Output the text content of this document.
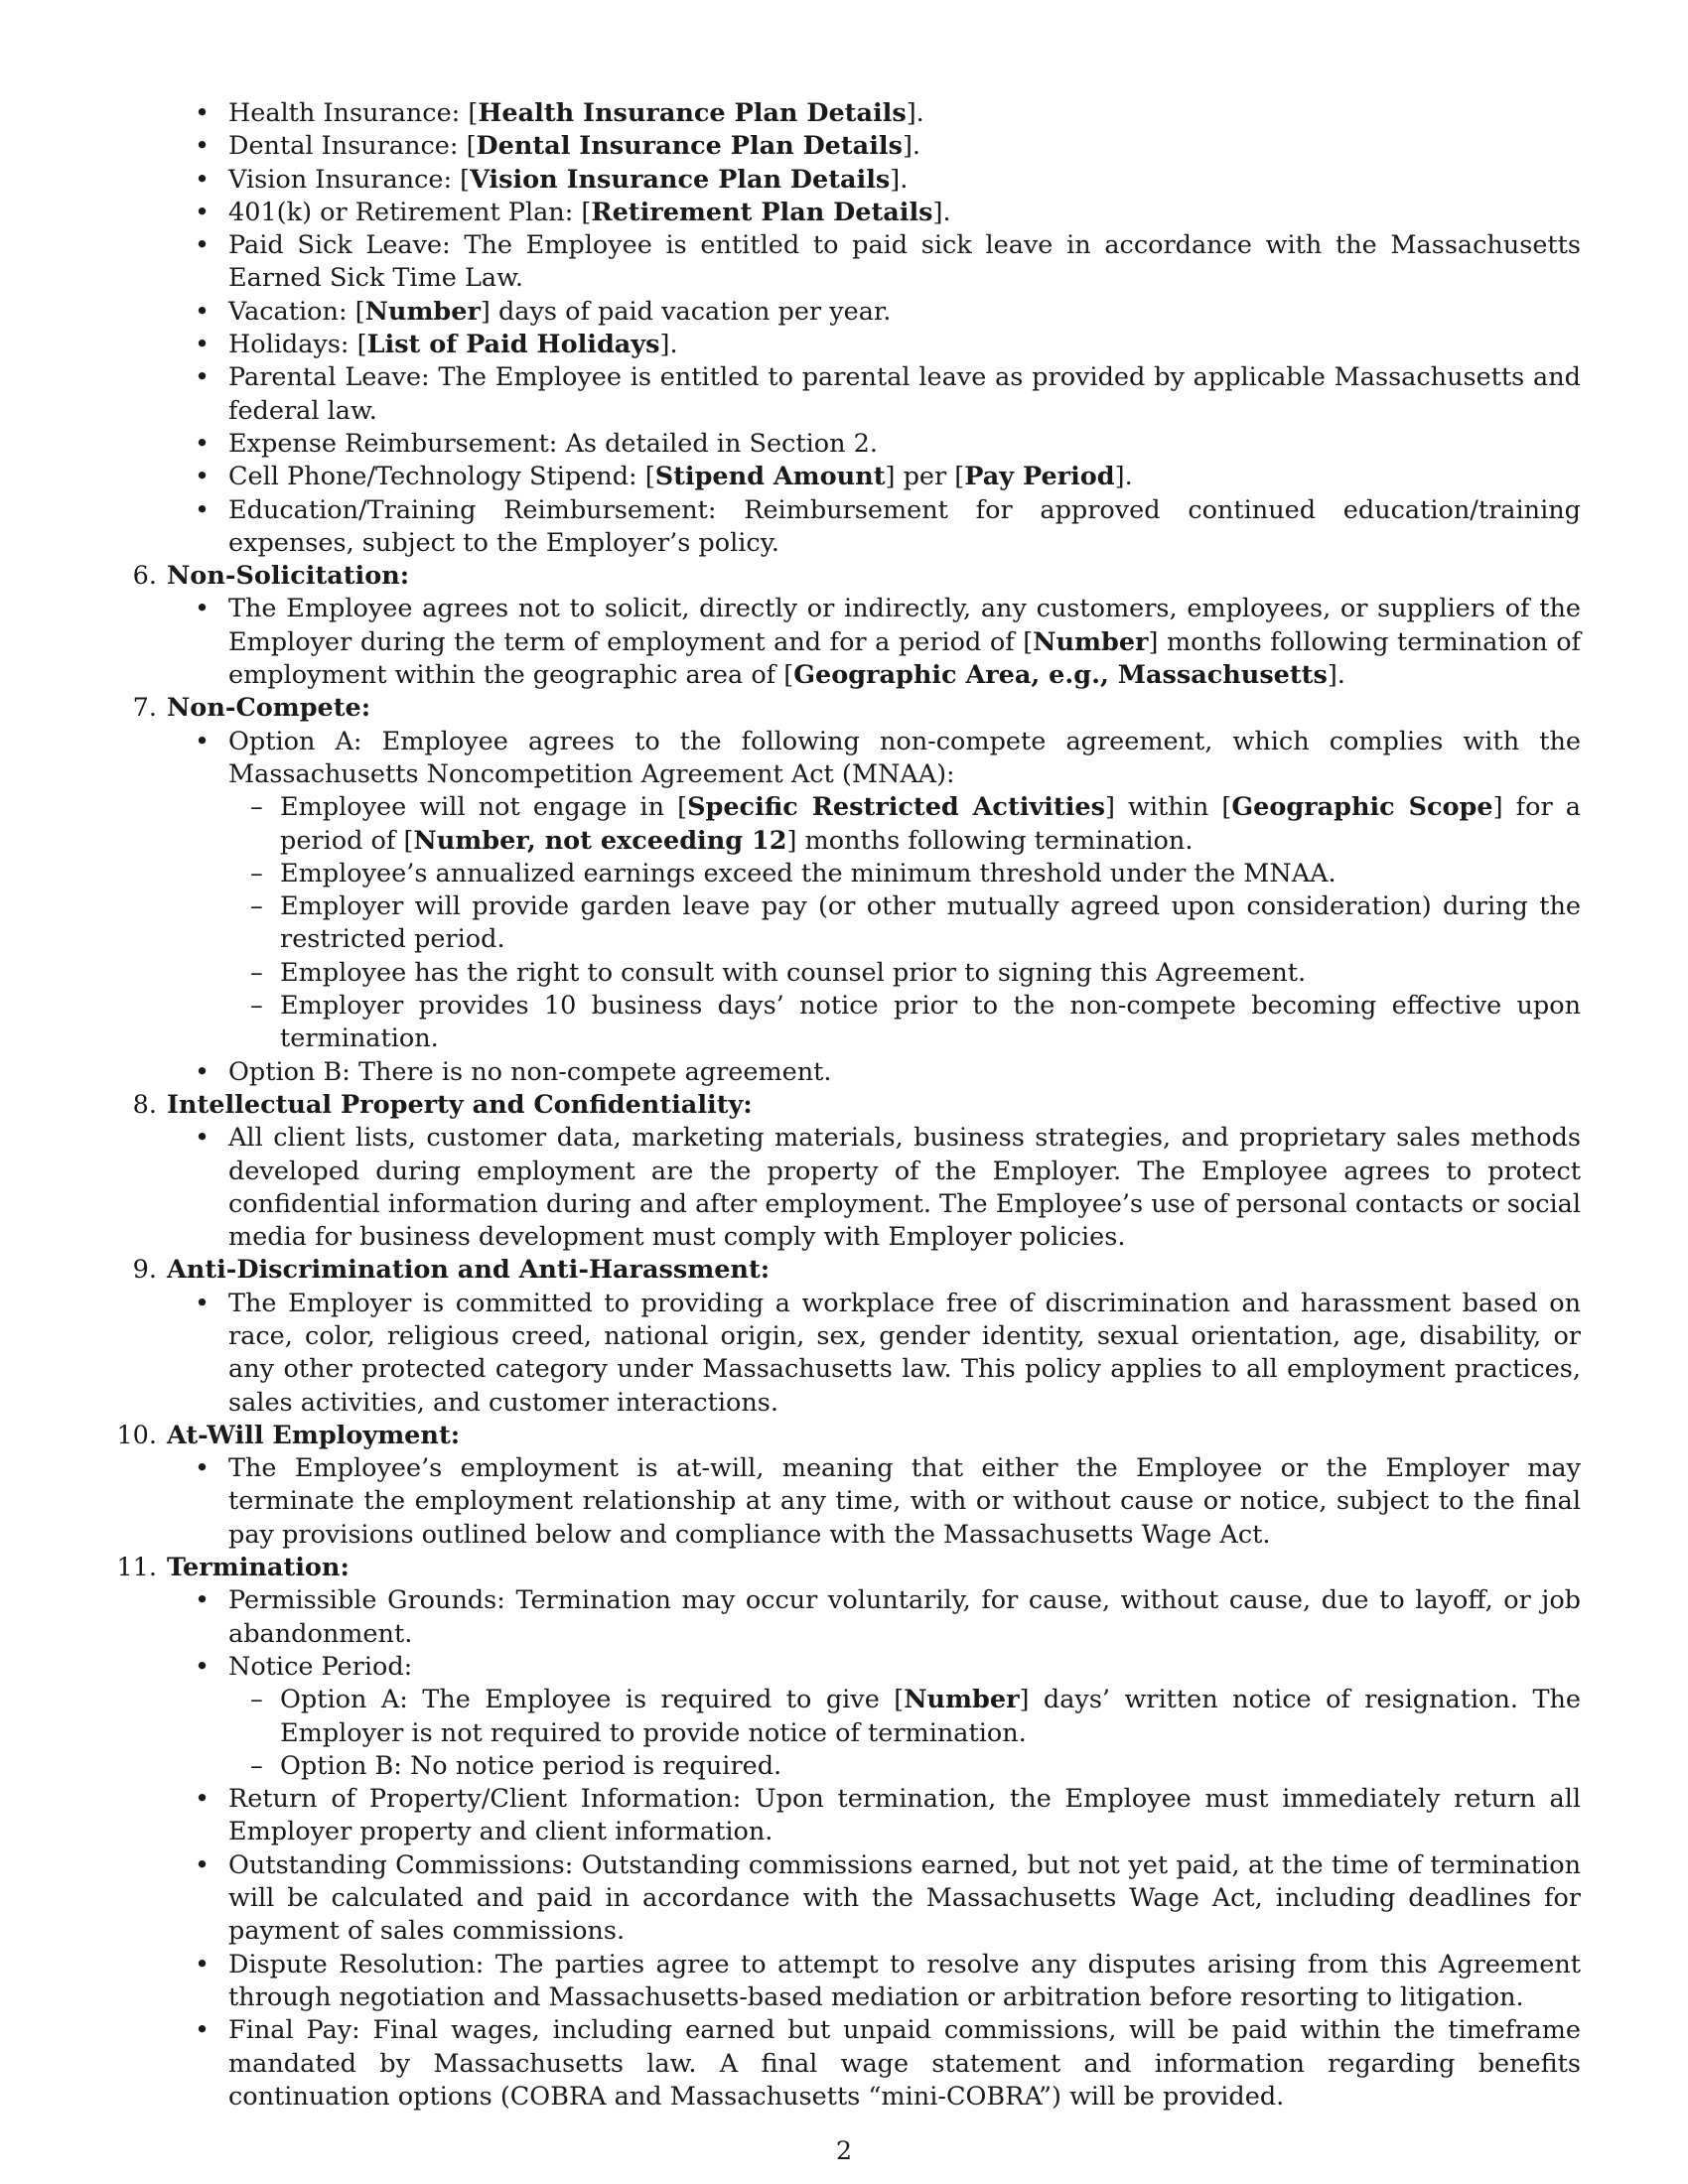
• Health Insurance: [Health Insurance Plan Details].
• Dental Insurance: [Dental Insurance Plan Details].
• Vision Insurance: [Vision Insurance Plan Details].
• 401(k) or Retirement Plan: [Retirement Plan Details].
• Paid Sick Leave: The Employee is entitled to paid sick leave in accordance with the Massachusetts Earned Sick Time Law.
• Vacation: [Number] days of paid vacation per year.
• Holidays: [List of Paid Holidays].
• Parental Leave: The Employee is entitled to parental leave as provided by applicable Massachusetts and federal law.
• Expense Reimbursement: As detailed in Section 2.
• Cell Phone/Technology Stipend: [Stipend Amount] per [Pay Period].
• Education/Training Reimbursement: Reimbursement for approved continued education/training expenses, subject to the Employer’s policy.
6. Non-Solicitation:
• The Employee agrees not to solicit, directly or indirectly, any customers, employees, or suppliers of the Employer during the term of employment and for a period of [Number] months following termination of employment within the geographic area of [Geographic Area, e.g., Massachusetts].
7. Non-Compete:
• Option A: Employee agrees to the following non-compete agreement, which complies with the Massachusetts Noncompetition Agreement Act (MNAA):
– Employee will not engage in [Specific Restricted Activities] within [Geographic Scope] for a period of [Number, not exceeding 12] months following termination.
– Employee’s annualized earnings exceed the minimum threshold under the MNAA.
– Employer will provide garden leave pay (or other mutually agreed upon consideration) during the restricted period.
– Employee has the right to consult with counsel prior to signing this Agreement.
– Employer provides 10 business days’ notice prior to the non-compete becoming effective upon termination.
• Option B: There is no non-compete agreement.
8. Intellectual Property and Confidentiality:
• All client lists, customer data, marketing materials, business strategies, and proprietary sales methods developed during employment are the property of the Employer. The Employee agrees to protect confidential information during and after employment. The Employee’s use of personal contacts or social media for business development must comply with Employer policies.
9. Anti-Discrimination and Anti-Harassment:
• The Employer is committed to providing a workplace free of discrimination and harassment based on race, color, religious creed, national origin, sex, gender identity, sexual orientation, age, disability, or any other protected category under Massachusetts law. This policy applies to all employment practices, sales activities, and customer interactions.
10. At-Will Employment:
• The Employee’s employment is at-will, meaning that either the Employee or the Employer may terminate the employment relationship at any time, with or without cause or notice, subject to the final pay provisions outlined below and compliance with the Massachusetts Wage Act.
11. Termination:
• Permissible Grounds: Termination may occur voluntarily, for cause, without cause, due to layoff, or job abandonment.
• Notice Period:
– Option A: The Employee is required to give [Number] days’ written notice of resignation. The Employer is not required to provide notice of termination.
– Option B: No notice period is required.
• Return of Property/Client Information: Upon termination, the Employee must immediately return all Employer property and client information.
• Outstanding Commissions: Outstanding commissions earned, but not yet paid, at the time of termination will be calculated and paid in accordance with the Massachusetts Wage Act, including deadlines for payment of sales commissions.
• Dispute Resolution: The parties agree to attempt to resolve any disputes arising from this Agreement through negotiation and Massachusetts-based mediation or arbitration before resorting to litigation.
• Final Pay: Final wages, including earned but unpaid commissions, will be paid within the timeframe mandated by Massachusetts law. A final wage statement and information regarding benefits continuation options (COBRA and Massachusetts “mini-COBRA”) will be provided.
2
